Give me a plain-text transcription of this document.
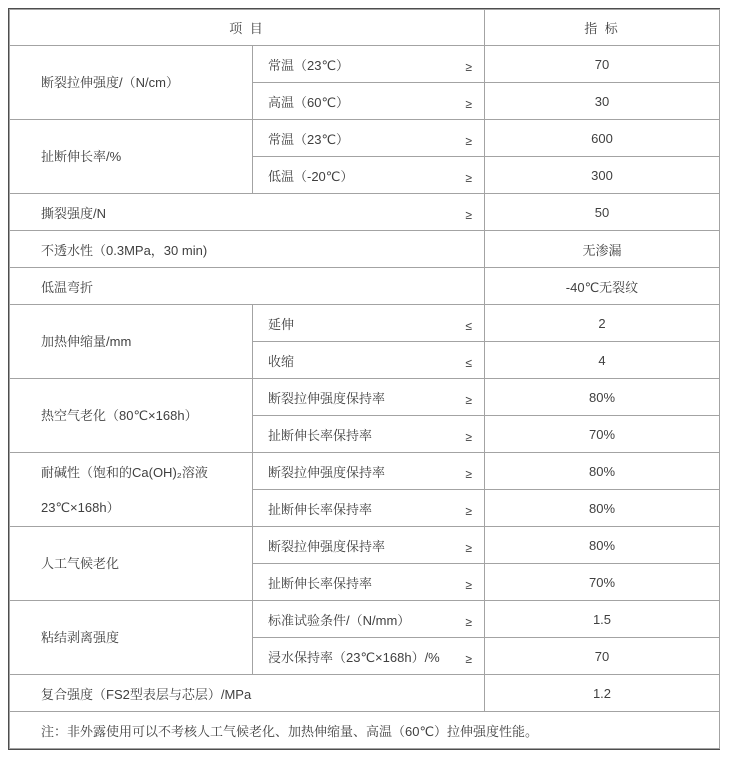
项 目		指 标
断裂拉伸强度/（N/cm）	常温（23℃） ≥	70
	高温（60℃） ≥	30
扯断伸长率/%	常温（23℃） ≥	600
	低温（-20℃） ≥	300
撕裂强度/N ≥		50
不透水性（0.3MPa，30 min)		无渗漏
低温弯折		-40℃无裂纹
加热伸缩量/mm	延伸 ≤	2
	收缩 ≤	4
热空气老化（80℃×168h）	断裂拉伸强度保持率 ≥	80%
	扯断伸长率保持率 ≥	70%
耐碱性（饱和的Ca(OH)₂溶液
23℃×168h）	断裂拉伸强度保持率 ≥	80%
	扯断伸长率保持率 ≥	80%
人工气候老化	断裂拉伸强度保持率 ≥	80%
	扯断伸长率保持率 ≥	70%
粘结剥离强度	标准试验条件/（N/mm） ≥	1.5
	浸水保持率（23℃×168h）/% ≥	70
复合强度（FS2型表层与芯层）/MPa		1.2
注：非外露使用可以不考核人工气候老化、加热伸缩量、高温（60℃）拉伸强度性能。		
